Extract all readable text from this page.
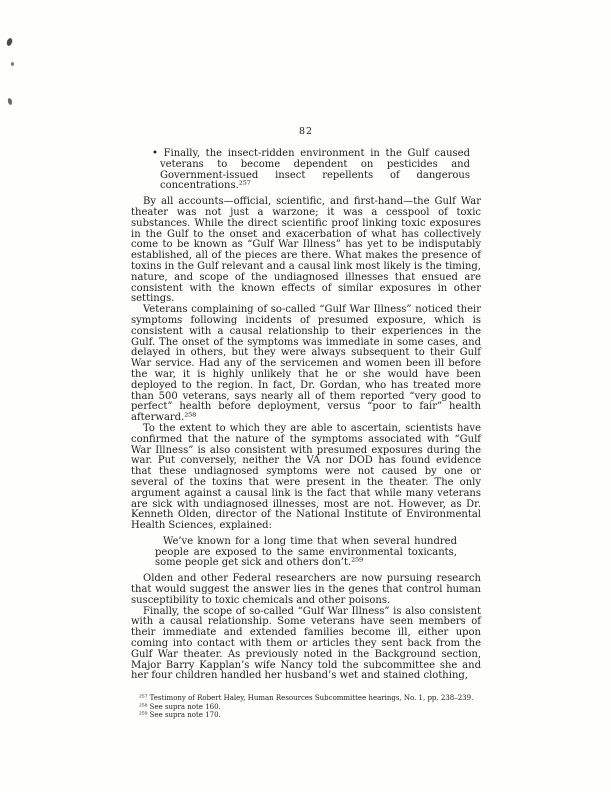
82

• Finally, the insect-ridden environment in the Gulf caused veterans to become dependent on pesticides and Government-issued insect repellents of dangerous concentrations.²⁵⁷

By all accounts—official, scientific, and first-hand—the Gulf War theater was not just a warzone; it was a cesspool of toxic substances. While the direct scientific proof linking toxic exposures in the Gulf to the onset and exacerbation of what has collectively come to be known as “Gulf War Illness” has yet to be indisputably established, all of the pieces are there. What makes the presence of toxins in the Gulf relevant and a causal link most likely is the timing, nature, and scope of the undiagnosed illnesses that ensued are consistent with the known effects of similar exposures in other settings.

Veterans complaining of so-called “Gulf War Illness” noticed their symptoms following incidents of presumed exposure, which is consistent with a causal relationship to their experiences in the Gulf. The onset of the symptoms was immediate in some cases, and delayed in others, but they were always subsequent to their Gulf War service. Had any of the servicemen and women been ill before the war, it is highly unlikely that he or she would have been deployed to the region. In fact, Dr. Gordan, who has treated more than 500 veterans, says nearly all of them reported “very good to perfect” health before deployment, versus “poor to fair” health afterward.²⁵⁸

To the extent to which they are able to ascertain, scientists have confirmed that the nature of the symptoms associated with “Gulf War Illness” is also consistent with presumed exposures during the war. Put conversely, neither the VA nor DOD has found evidence that these undiagnosed symptoms were not caused by one or several of the toxins that were present in the theater. The only argument against a causal link is the fact that while many veterans are sick with undiagnosed illnesses, most are not. However, as Dr. Kenneth Olden, director of the National Institute of Environmental Health Sciences, explained:

We’ve known for a long time that when several hundred people are exposed to the same environmental toxicants, some people get sick and others don’t.²⁵⁹

Olden and other Federal researchers are now pursuing research that would suggest the answer lies in the genes that control human susceptibility to toxic chemicals and other poisons.

Finally, the scope of so-called “Gulf War Illness” is also consistent with a causal relationship. Some veterans have seen members of their immediate and extended families become ill, either upon coming into contact with them or articles they sent back from the Gulf War theater. As previously noted in the Background section, Major Barry Kapplan’s wife Nancy told the subcommittee she and her four children handled her husband’s wet and stained clothing,

²⁵⁷ Testimony of Robert Haley, Human Resources Subcommittee hearings, No. 1, pp. 238–239.

²⁵⁸ See supra note 160.

²⁵⁹ See supra note 170.
